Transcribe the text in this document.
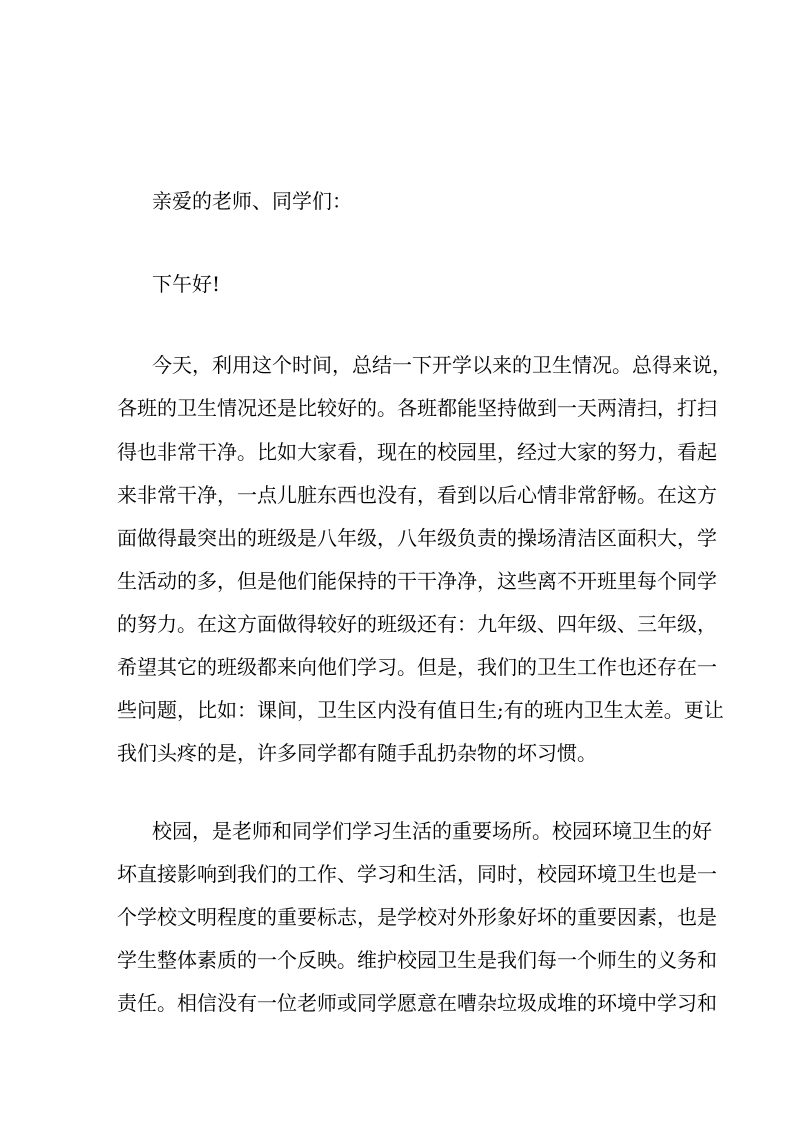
亲爱的老师、同学们：
下午好!
今天，利用这个时间，总结一下开学以来的卫生情况。总得来说，
各班的卫生情况还是比较好的。各班都能坚持做到一天两清扫，打扫
得也非常干净。比如大家看，现在的校园里，经过大家的努力，看起
来非常干净，一点儿脏东西也没有，看到以后心情非常舒畅。在这方
面做得最突出的班级是八年级，八年级负责的操场清洁区面积大，学
生活动的多，但是他们能保持的干干净净，这些离不开班里每个同学
的努力。在这方面做得较好的班级还有：九年级、四年级、三年级，
希望其它的班级都来向他们学习。但是，我们的卫生工作也还存在一
些问题，比如：课间，卫生区内没有值日生;有的班内卫生太差。更让
我们头疼的是，许多同学都有随手乱扔杂物的坏习惯。
校园，是老师和同学们学习生活的重要场所。校园环境卫生的好
坏直接影响到我们的工作、学习和生活，同时，校园环境卫生也是一
个学校文明程度的重要标志，是学校对外形象好坏的重要因素，也是
学生整体素质的一个反映。维护校园卫生是我们每一个师生的义务和
责任。相信没有一位老师或同学愿意在嘈杂垃圾成堆的环境中学习和
